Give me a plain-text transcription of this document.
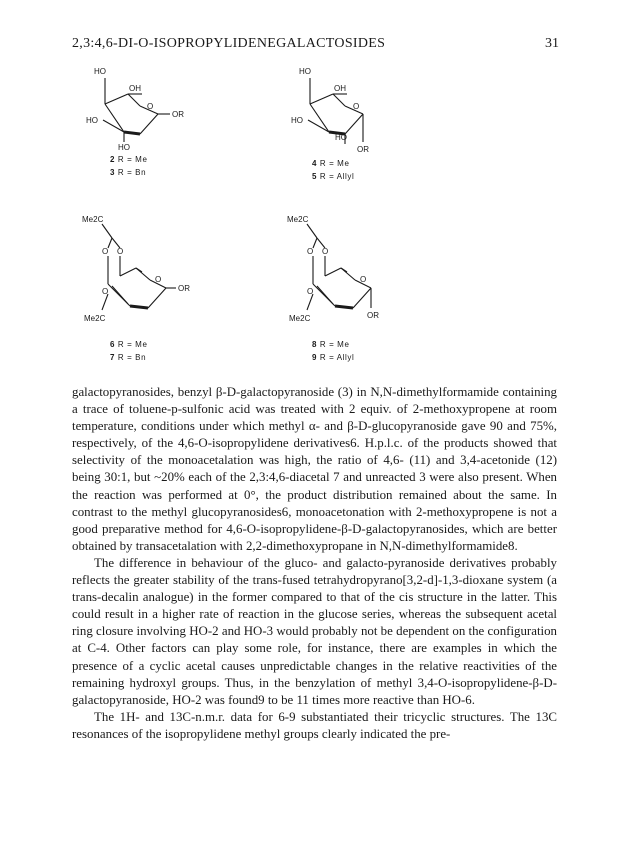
2,3:4,6-DI-O-ISOPROPYLIDENEGALACTOSIDES	31
HO
OH
O
OR
HO
HO
2 R = Me
3 R = Bn
HO
OH
O
HO
HO
OR
4 R = Me
5 R = Allyl
Me2C
O O
O
OR
O
Me2C
6 R = Me
7 R = Bn
Me2C
O O
O
O
Me2C	OR
8 R = Me
9 R = Allyl

galactopyranosides, benzyl β-D-galactopyranoside (3) in N,N-dimethylformamide containing a trace of toluene-p-sulfonic acid was treated with 2 equiv. of 2-methoxypropene at room temperature, conditions under which methyl α- and β-D-glucopyranoside gave 90 and 75%, respectively, of the 4,6-O-isopropylidene derivatives6. H.p.l.c. of the products showed that selectivity of the monoacetalation was high, the ratio of 4,6- (11) and 3,4-acetonide (12) being 30:1, but ~20% each of the 2,3:4,6-diacetal 7 and unreacted 3 were also present. When the reaction was performed at 0°, the product distribution remained about the same. In contrast to the methyl glucopyranosides6, monoacetonation with 2-methoxypropene is not a good preparative method for 4,6-O-isopropylidene-β-D-galactopyranosides, which are better obtained by transacetalation with 2,2-dimethoxypropane in N,N-dimethylformamide8.

The difference in behaviour of the gluco- and galacto-pyranoside derivatives probably reflects the greater stability of the trans-fused tetrahydropyrano[3,2-d]-1,3-dioxane system (a trans-decalin analogue) in the former compared to that of the cis structure in the latter. This could result in a higher rate of reaction in the glucose series, whereas the subsequent acetal ring closure involving HO-2 and HO-3 would probably not be dependent on the configuration at C-4. Other factors can play some role, for instance, there are examples in which the presence of a cyclic acetal causes unpredictable changes in the relative reactivities of the remaining hydroxyl groups. Thus, in the benzylation of methyl 3,4-O-isopropylidene-β-D-galactopyranoside, HO-2 was found9 to be 11 times more reactive than HO-6.

The 1H- and 13C-n.m.r. data for 6-9 substantiated their tricyclic structures. The 13C resonances of the isopropylidene methyl groups clearly indicated the pre-
